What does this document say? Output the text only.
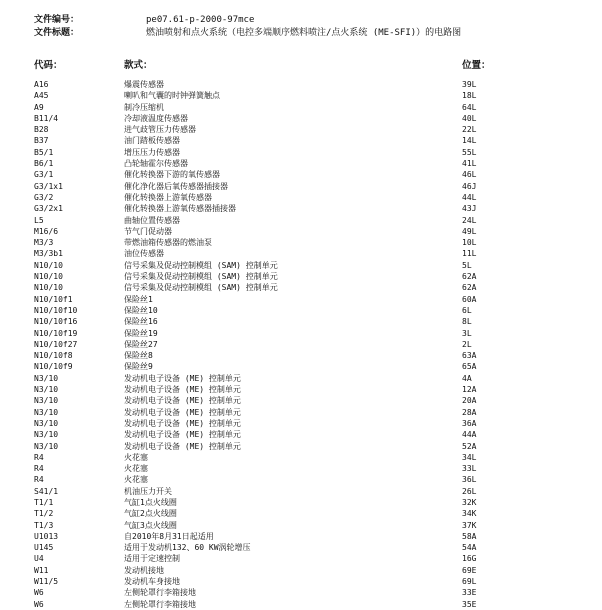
文件编号：	pe07.61-p-2000-97mce
文件标题：	燃油喷射和点火系统（电控多端顺序燃料喷注/点火系统 (ME-SFI)）的电路图
代码：	款式：	位置：
A16	爆震传感器	39L
A45	喇叭和气囊的时钟弹簧触点	18L
A9	制冷压缩机	64L
B11/4	冷却液温度传感器	40L
B28	进气歧管压力传感器	22L
B37	油门踏板传感器	14L
B5/1	增压压力传感器	55L
B6/1	凸轮轴霍尔传感器	41L
G3/1	催化转换器下游的氧传感器	46L
G3/1x1	催化净化器后氧传感器插接器	46J
G3/2	催化转换器上游氧传感器	44L
G3/2x1	催化转换器上游氧传感器插接器	43J
L5	曲轴位置传感器	24L
M16/6	节气门促动器	49L
M3/3	带燃油箱传感器的燃油泵	10L
M3/3b1	油位传感器	11L
N10/10	信号采集及促动控制模组 (SAM) 控制单元	5L
N10/10	信号采集及促动控制模组 (SAM) 控制单元	62A
N10/10	信号采集及促动控制模组 (SAM) 控制单元	62A
N10/10f1	保险丝1	60A
N10/10f10	保险丝10	6L
N10/10f16	保险丝16	8L
N10/10f19	保险丝19	3L
N10/10f27	保险丝27	2L
N10/10f8	保险丝8	63A
N10/10f9	保险丝9	65A
N3/10	发动机电子设备 (ME) 控制单元	4A
N3/10	发动机电子设备 (ME) 控制单元	12A
N3/10	发动机电子设备 (ME) 控制单元	20A
N3/10	发动机电子设备 (ME) 控制单元	28A
N3/10	发动机电子设备 (ME) 控制单元	36A
N3/10	发动机电子设备 (ME) 控制单元	44A
N3/10	发动机电子设备 (ME) 控制单元	52A
R4	火花塞	34L
R4	火花塞	33L
R4	火花塞	36L
S41/1	机油压力开关	26L
T1/1	气缸1点火线圈	32K
T1/2	气缸2点火线圈	34K
T1/3	气缸3点火线圈	37K
U1013	自2010年8月31日起适用	58A
U145	适用于发动机132、60 KW涡轮增压	54A
U4	适用于定速控制	16G
W11	发动机接地	69E
W11/5	发动机车身接地	69L
W6	左侧轮罩行李箱接地	33E
W6	左侧轮罩行李箱接地	35E
